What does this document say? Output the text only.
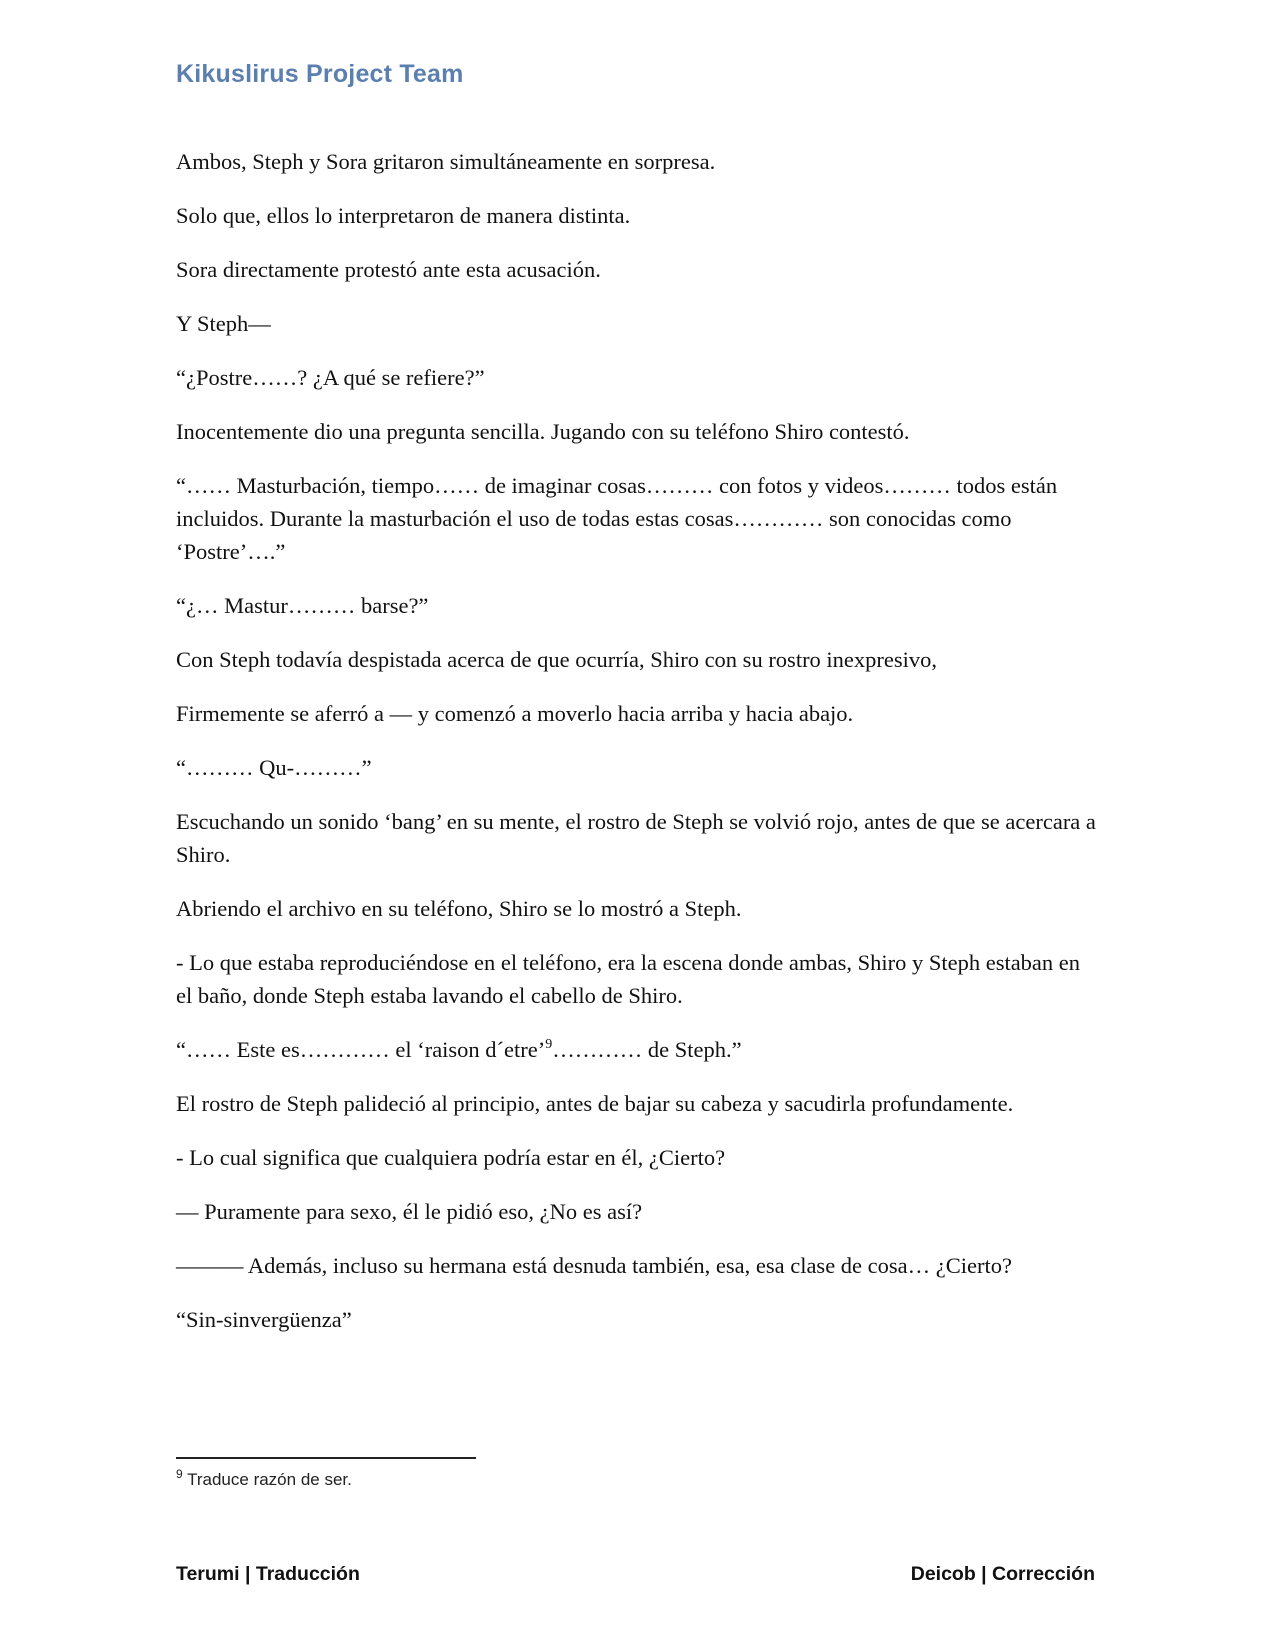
Kikuslirus Project Team

Ambos, Steph y Sora gritaron simultáneamente en sorpresa.

Solo que, ellos lo interpretaron de manera distinta.

Sora directamente protestó ante esta acusación.

Y Steph—

“¿Postre……? ¿A qué se refiere?”

Inocentemente dio una pregunta sencilla. Jugando con su teléfono Shiro contestó.

“…… Masturbación, tiempo…… de imaginar cosas……… con fotos y videos……… todos están incluidos. Durante la masturbación el uso de todas estas cosas………… son conocidas como ‘Postre’….”

“¿… Mastur……… barse?”

Con Steph todavía despistada acerca de que ocurría, Shiro con su rostro inexpresivo,

Firmemente se aferró a — y comenzó a moverlo hacia arriba y hacia abajo.

“……… Qu-………”

Escuchando un sonido ‘bang’ en su mente, el rostro de Steph se volvió rojo, antes de que se acercara a Shiro.

Abriendo el archivo en su teléfono, Shiro se lo mostró a Steph.

- Lo que estaba reproduciéndose en el teléfono, era la escena donde ambas, Shiro y Steph estaban en el baño, donde Steph estaba lavando el cabello de Shiro.

“…… Este es………… el ‘raison d´etre’$^9$………… de Steph.”

El rostro de Steph palideció al principio, antes de bajar su cabeza y sacudirla profundamente.

- Lo cual significa que cualquiera podría estar en él, ¿Cierto?

— Puramente para sexo, él le pidió eso, ¿No es así?

——— Además, incluso su hermana está desnuda también, esa, esa clase de cosa… ¿Cierto?

“Sin-sinvergüenza”

$^9$ Traduce razón de ser.
Terumi | Traducción	Deicob | Corrección
